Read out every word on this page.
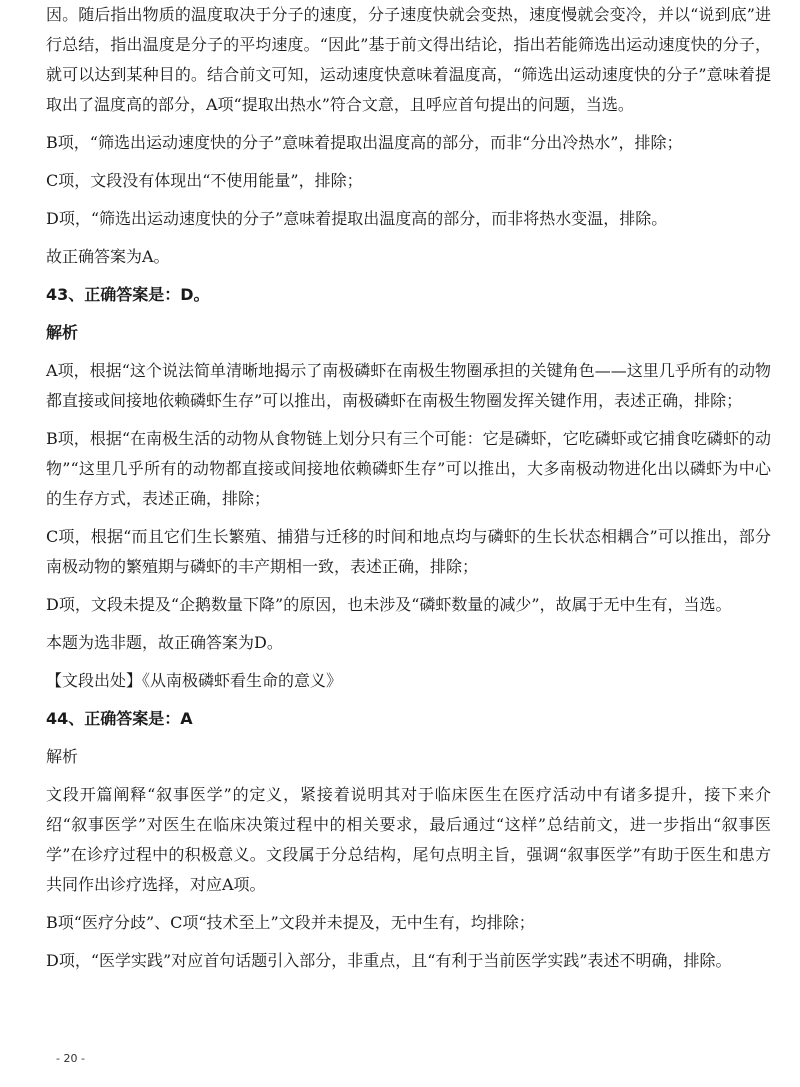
因。随后指出物质的温度取决于分子的速度，分子速度快就会变热，速度慢就会变冷，并以“说到底”进行总结，指出温度是分子的平均速度。“因此”基于前文得出结论，指出若能筛选出运动速度快的分子，就可以达到某种目的。结合前文可知，运动速度快意味着温度高，“筛选出运动速度快的分子”意味着提取出了温度高的部分，A项“提取出热水”符合文意，且呼应首句提出的问题，当选。

B项，“筛选出运动速度快的分子”意味着提取出温度高的部分，而非“分出冷热水”，排除；

C项，文段没有体现出“不使用能量”，排除；

D项，“筛选出运动速度快的分子”意味着提取出温度高的部分，而非将热水变温，排除。

故正确答案为A。

43、正确答案是：D。
解析

A项，根据“这个说法简单清晰地揭示了南极磷虾在南极生物圈承担的关键角色——这里几乎所有的动物都直接或间接地依赖磷虾生存”可以推出，南极磷虾在南极生物圈发挥关键作用，表述正确，排除；

B项，根据“在南极生活的动物从食物链上划分只有三个可能：它是磷虾，它吃磷虾或它捕食吃磷虾的动物”“这里几乎所有的动物都直接或间接地依赖磷虾生存”可以推出，大多南极动物进化出以磷虾为中心的生存方式，表述正确，排除；

C项，根据“而且它们生长繁殖、捕猎与迁移的时间和地点均与磷虾的生长状态相耦合”可以推出，部分南极动物的繁殖期与磷虾的丰产期相一致，表述正确，排除；

D项，文段未提及“企鹅数量下降”的原因，也未涉及“磷虾数量的减少”，故属于无中生有，当选。

本题为选非题，故正确答案为D。

【文段出处】《从南极磷虾看生命的意义》
44、正确答案是：A
解析

文段开篇阐释“叙事医学”的定义，紧接着说明其对于临床医生在医疗活动中有诸多提升，接下来介绍“叙事医学”对医生在临床决策过程中的相关要求，最后通过“这样”总结前文，进一步指出“叙事医学”在诊疗过程中的积极意义。文段属于分总结构，尾句点明主旨，强调“叙事医学”有助于医生和患方共同作出诊疗选择，对应A项。

B项“医疗分歧”、C项“技术至上”文段并未提及，无中生有，均排除；

D项，“医学实践”对应首句话题引入部分，非重点，且“有利于当前医学实践”表述不明确，排除。

- 20 -
